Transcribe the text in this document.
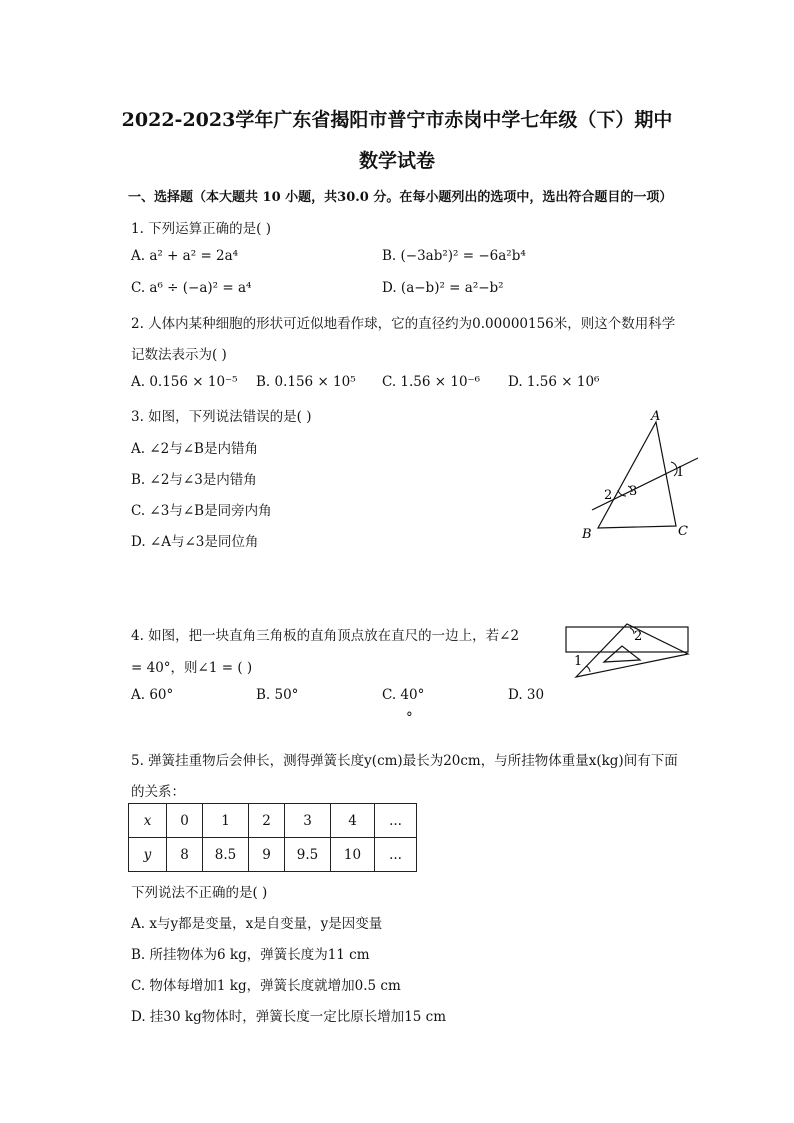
2022-2023学年广东省揭阳市普宁市赤岗中学七年级（下）期中
数学试卷
一、选择题（本大题共 10 小题，共30.0 分。在每小题列出的选项中，选出符合题目的一项）
1. 下列运算正确的是( )
A. a² + a² = 2a⁴	B. (−3ab²)² = −6a²b⁴
C. a⁶ ÷ (−a)² = a⁴	D. (a−b)² = a²−b²
2. 人体内某种细胞的形状可近似地看作球，它的直径约为0.00000156米，则这个数用科学
记数法表示为( )
A. 0.156 × 10⁻⁵ B. 0.156 × 10⁵ C. 1.56 × 10⁻⁶ D. 1.56 × 10⁶
3. 如图，下列说法错误的是( )
A. ∠2与∠B是内错角
B. ∠2与∠3是内错角
C. ∠3与∠B是同旁内角
D. ∠A与∠3是同位角
A
B	C
1
2 3
4. 如图，把一块直角三角板的直角顶点放在直尺的一边上，若∠2
= 40°，则∠1 = ( )
A. 60°	B. 50°	C. 40°	D. 30
°
2
1
5. 弹簧挂重物后会伸长，测得弹簧长度y(cm)最长为20cm，与所挂物体重量x(kg)间有下面
的关系：
x	0	1	2	3	4	...
y	8	8.5	9	9.5	10	...
下列说法不正确的是( )
A. x与y都是变量，x是自变量，y是因变量
B. 所挂物体为6 kg，弹簧长度为11 cm
C. 物体每增加1 kg，弹簧长度就增加0.5 cm
D. 挂30 kg物体时，弹簧长度一定比原长增加15 cm
